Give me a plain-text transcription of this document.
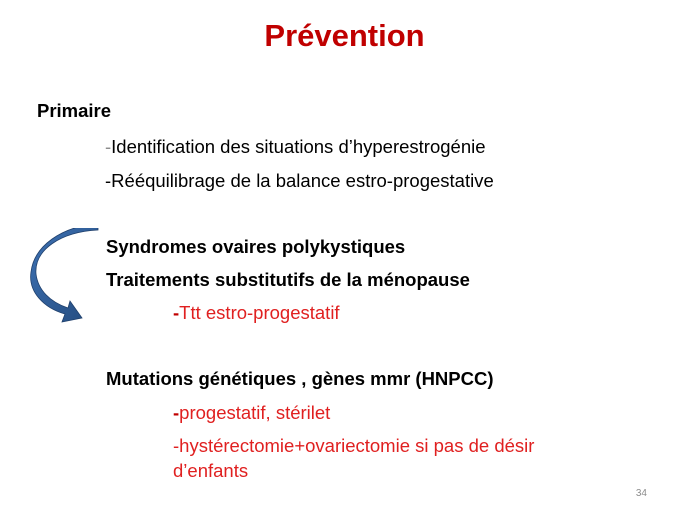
Prévention
Primaire
-Identification des situations d’hyperestrogénie
-Rééquilibrage de la balance estro-progestative
Syndromes ovaires polykystiques
Traitements substitutifs de la ménopause
-Ttt estro-progestatif
Mutations génétiques , gènes mmr (HNPCC)
-progestatif, stérilet
-hystérectomie+ovariectomie si pas de désir
d’enfants
34
